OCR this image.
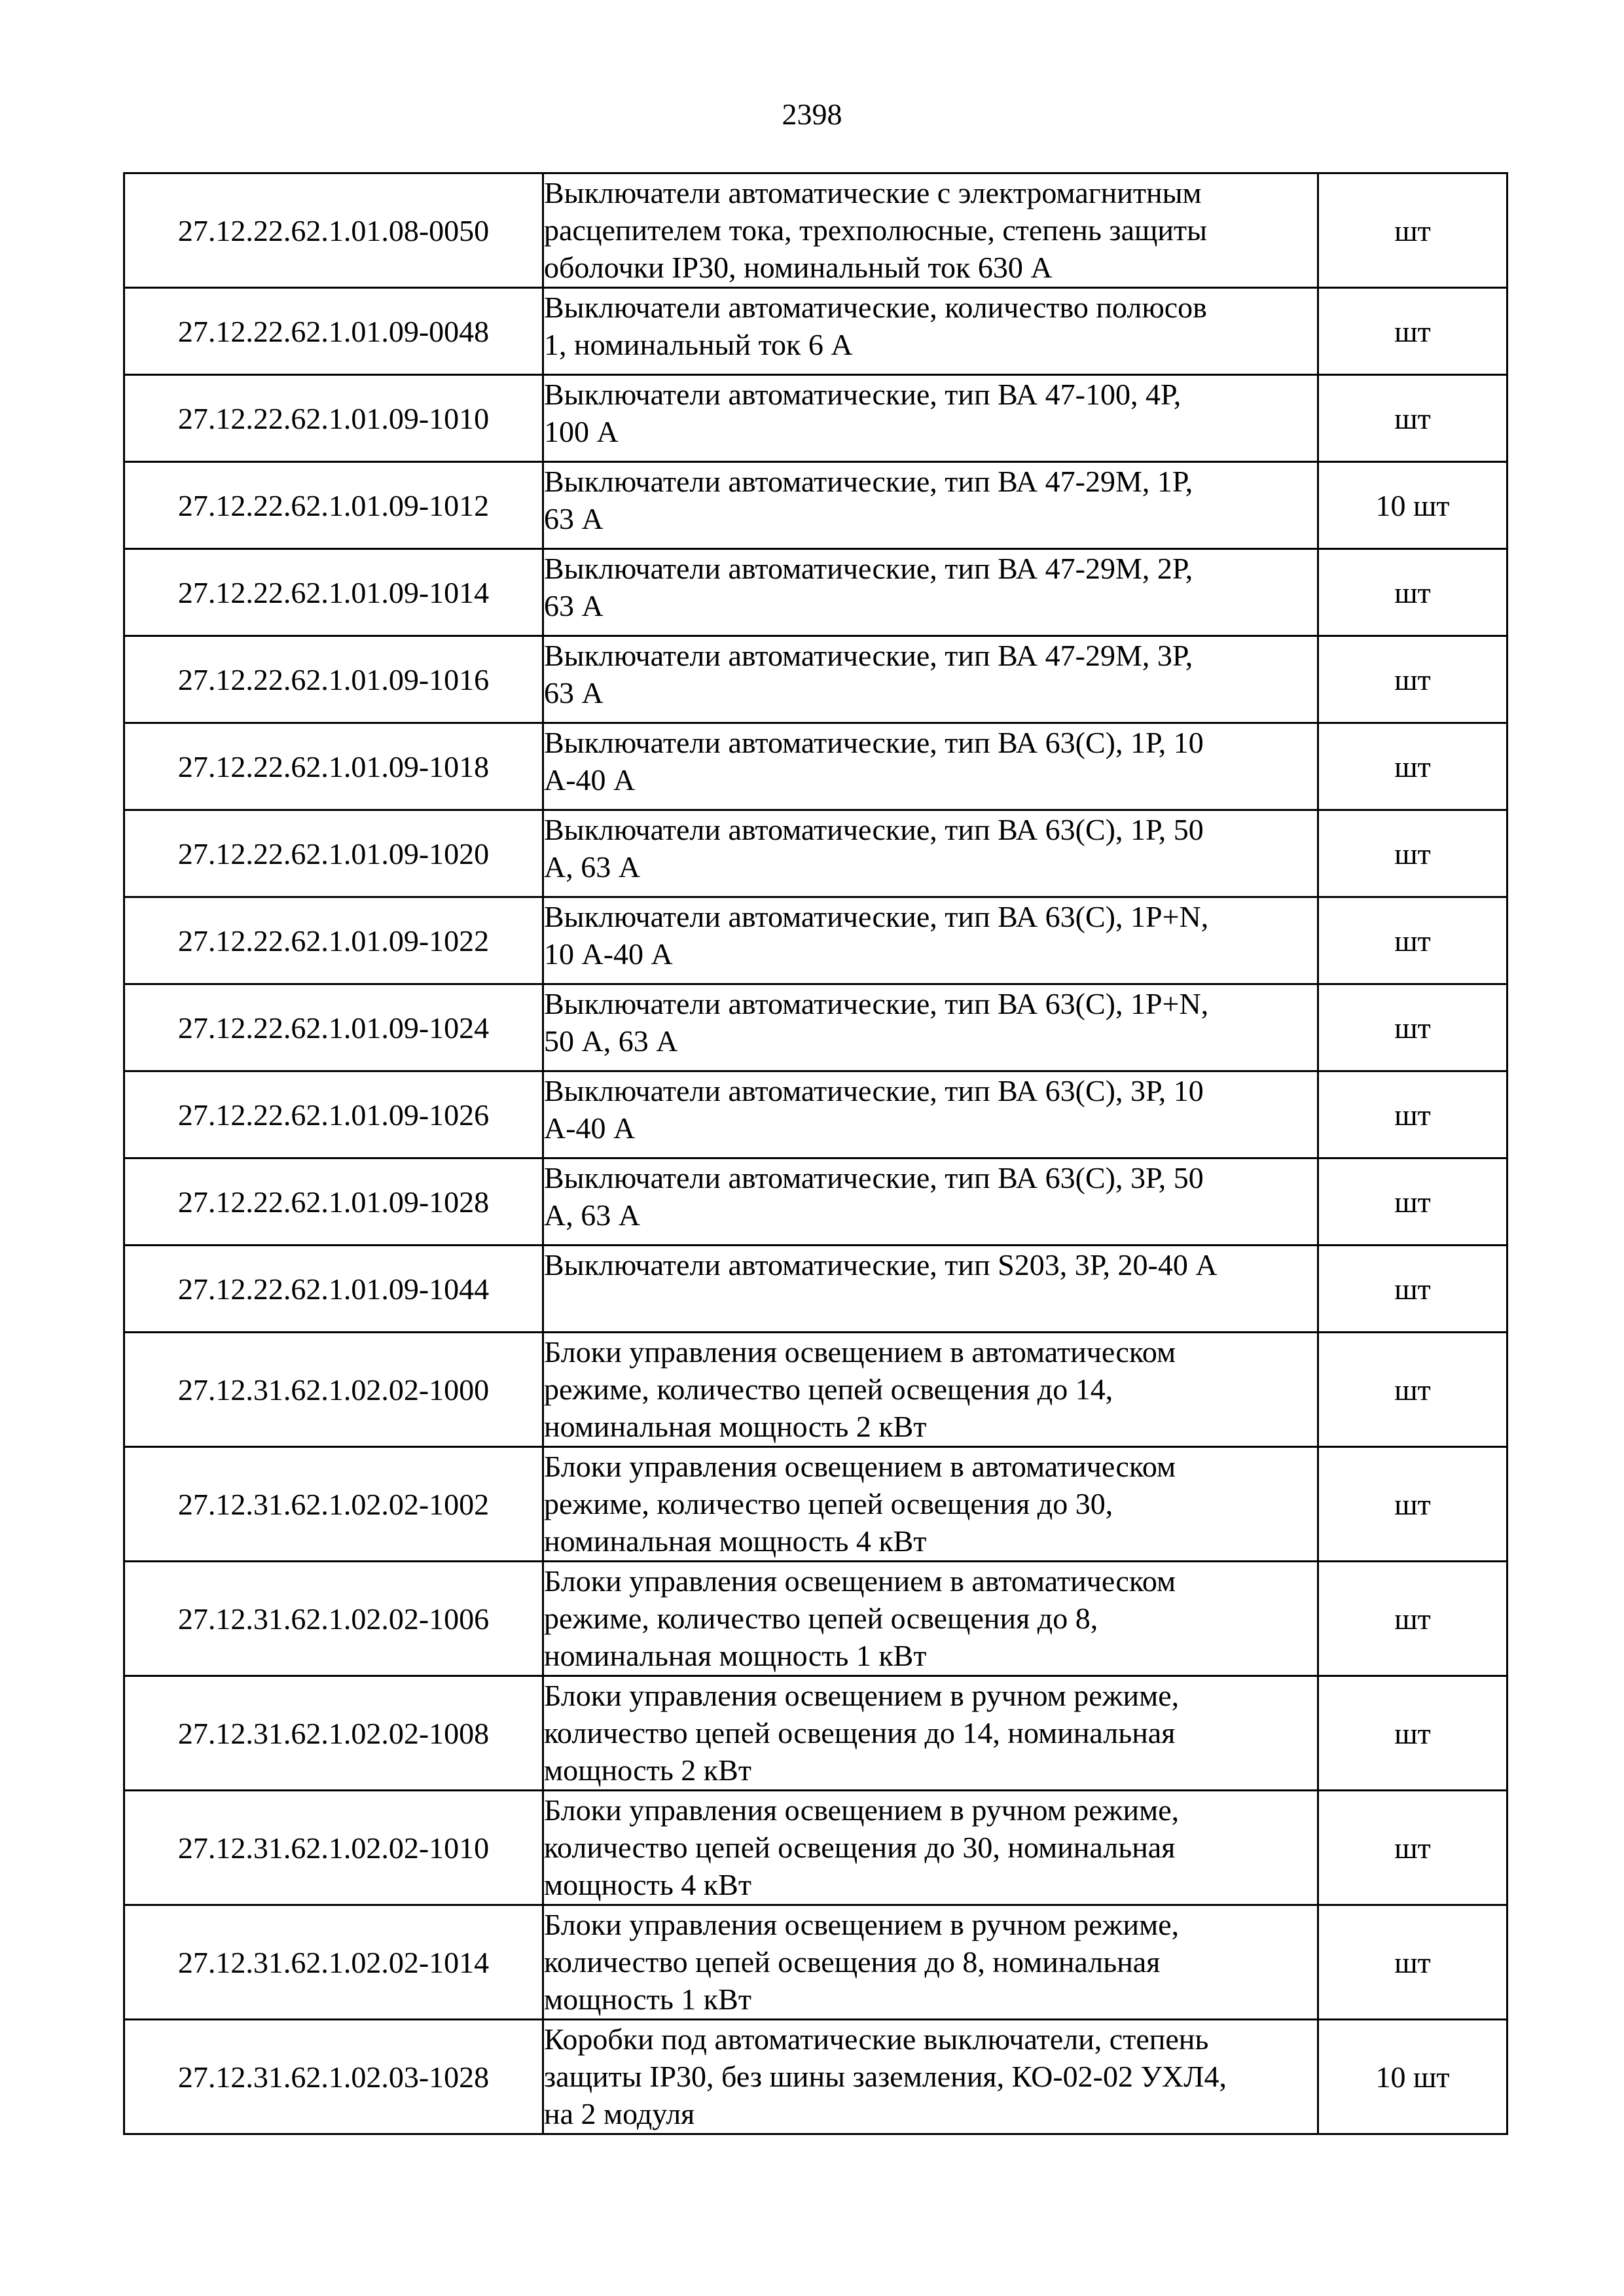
2398
27.12.22.62.1.01.08-0050	Выключатели автоматические с электромагнитным
расцепителем тока, трехполюсные, степень защиты
оболочки IP30, номинальный ток 630 А	шт
27.12.22.62.1.01.09-0048	Выключатели автоматические, количество полюсов
1, номинальный ток 6 А	шт
27.12.22.62.1.01.09-1010	Выключатели автоматические, тип ВА 47-100, 4Р,
100 А	шт
27.12.22.62.1.01.09-1012	Выключатели автоматические, тип ВА 47-29М, 1Р,
63 А	10 шт
27.12.22.62.1.01.09-1014	Выключатели автоматические, тип ВА 47-29М, 2Р,
63 А	шт
27.12.22.62.1.01.09-1016	Выключатели автоматические, тип ВА 47-29М, 3Р,
63 А	шт
27.12.22.62.1.01.09-1018	Выключатели автоматические, тип ВА 63(С), 1Р, 10
А-40 А	шт
27.12.22.62.1.01.09-1020	Выключатели автоматические, тип ВА 63(С), 1Р, 50
А, 63 А	шт
27.12.22.62.1.01.09-1022	Выключатели автоматические, тип ВА 63(С), 1Р+N,
10 А-40 А	шт
27.12.22.62.1.01.09-1024	Выключатели автоматические, тип ВА 63(С), 1Р+N,
50 А, 63 А	шт
27.12.22.62.1.01.09-1026	Выключатели автоматические, тип ВА 63(С), 3Р, 10
А-40 А	шт
27.12.22.62.1.01.09-1028	Выключатели автоматические, тип ВА 63(С), 3Р, 50
А, 63 А	шт
27.12.22.62.1.01.09-1044	Выключатели автоматические, тип S203, 3Р, 20-40 А	шт
27.12.31.62.1.02.02-1000	Блоки управления освещением в автоматическом
режиме, количество цепей освещения до 14,
номинальная мощность 2 кВт	шт
27.12.31.62.1.02.02-1002	Блоки управления освещением в автоматическом
режиме, количество цепей освещения до 30,
номинальная мощность 4 кВт	шт
27.12.31.62.1.02.02-1006	Блоки управления освещением в автоматическом
режиме, количество цепей освещения до 8,
номинальная мощность 1 кВт	шт
27.12.31.62.1.02.02-1008	Блоки управления освещением в ручном режиме,
количество цепей освещения до 14, номинальная
мощность 2 кВт	шт
27.12.31.62.1.02.02-1010	Блоки управления освещением в ручном режиме,
количество цепей освещения до 30, номинальная
мощность 4 кВт	шт
27.12.31.62.1.02.02-1014	Блоки управления освещением в ручном режиме,
количество цепей освещения до 8, номинальная
мощность 1 кВт	шт
27.12.31.62.1.02.03-1028	Коробки под автоматические выключатели, степень
защиты IP30, без шины заземления, КО-02-02 УХЛ4,
на 2 модуля	10 шт
